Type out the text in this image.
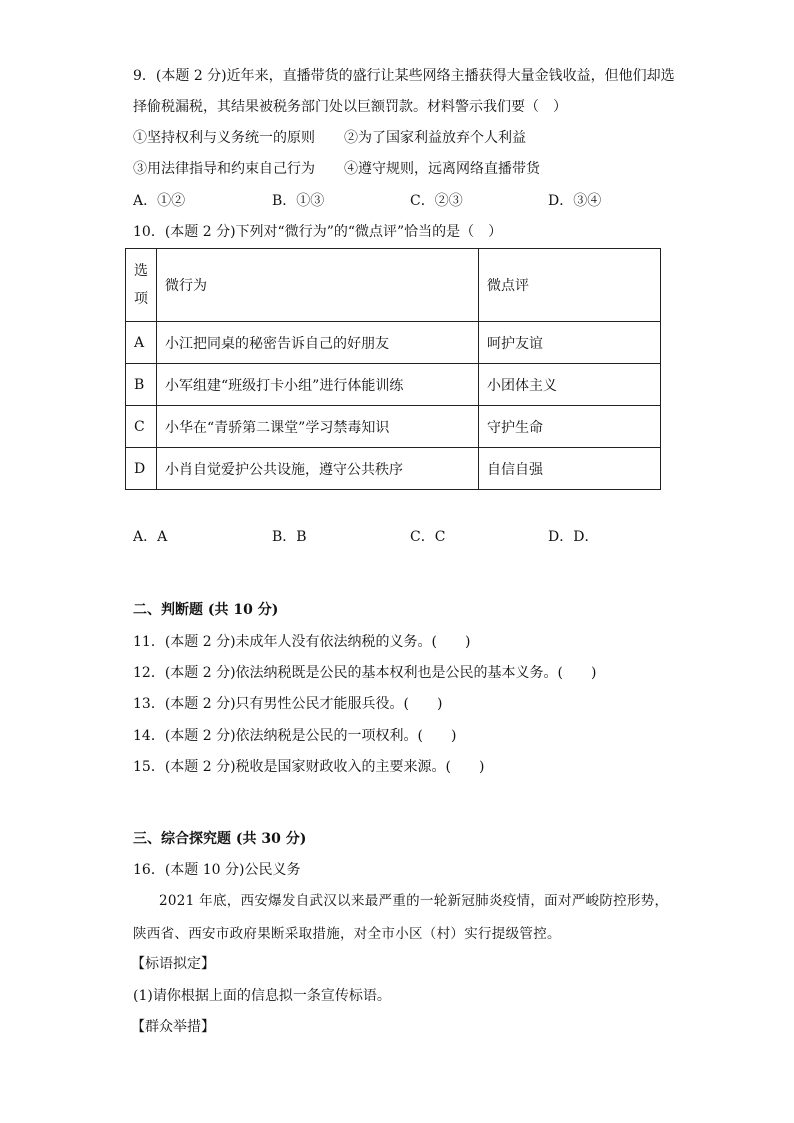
9．(本题 2 分)近年来，直播带货的盛行让某些网络主播获得大量金钱收益，但他们却选
择偷税漏税，其结果被税务部门处以巨额罚款。材料警示我们要（　）
①坚持权利与义务统一的原则 ②为了国家利益放弃个人利益
③用法律指导和约束自己行为 ④遵守规则，远离网络直播带货
A．①②	B．①③	C．②③	D．③④
10．(本题 2 分)下列对“微行为”的“微点评”恰当的是（　）
选项	微行为	微点评
A	小江把同桌的秘密告诉自己的好朋友	呵护友谊
B	小军组建“班级打卡小组”进行体能训练	小团体主义
C	小华在“青骄第二课堂”学习禁毒知识	守护生命
D	小肖自觉爱护公共设施，遵守公共秩序	自信自强
A．A	B．B	C．C	D．D．
二、判断题 (共 10 分)
11．(本题 2 分)未成年人没有依法纳税的义务。(　　)
12．(本题 2 分)依法纳税既是公民的基本权利也是公民的基本义务。(　　)
13．(本题 2 分)只有男性公民才能服兵役。(　　)
14．(本题 2 分)依法纳税是公民的一项权利。(　　)
15．(本题 2 分)税收是国家财政收入的主要来源。(　　)
三、综合探究题 (共 30 分)
16．(本题 10 分)公民义务
2021 年底，西安爆发自武汉以来最严重的一轮新冠肺炎疫情，面对严峻防控形势，
陕西省、西安市政府果断采取措施，对全市小区（村）实行提级管控。
【标语拟定】
(1)请你根据上面的信息拟一条宣传标语。
【群众举措】
